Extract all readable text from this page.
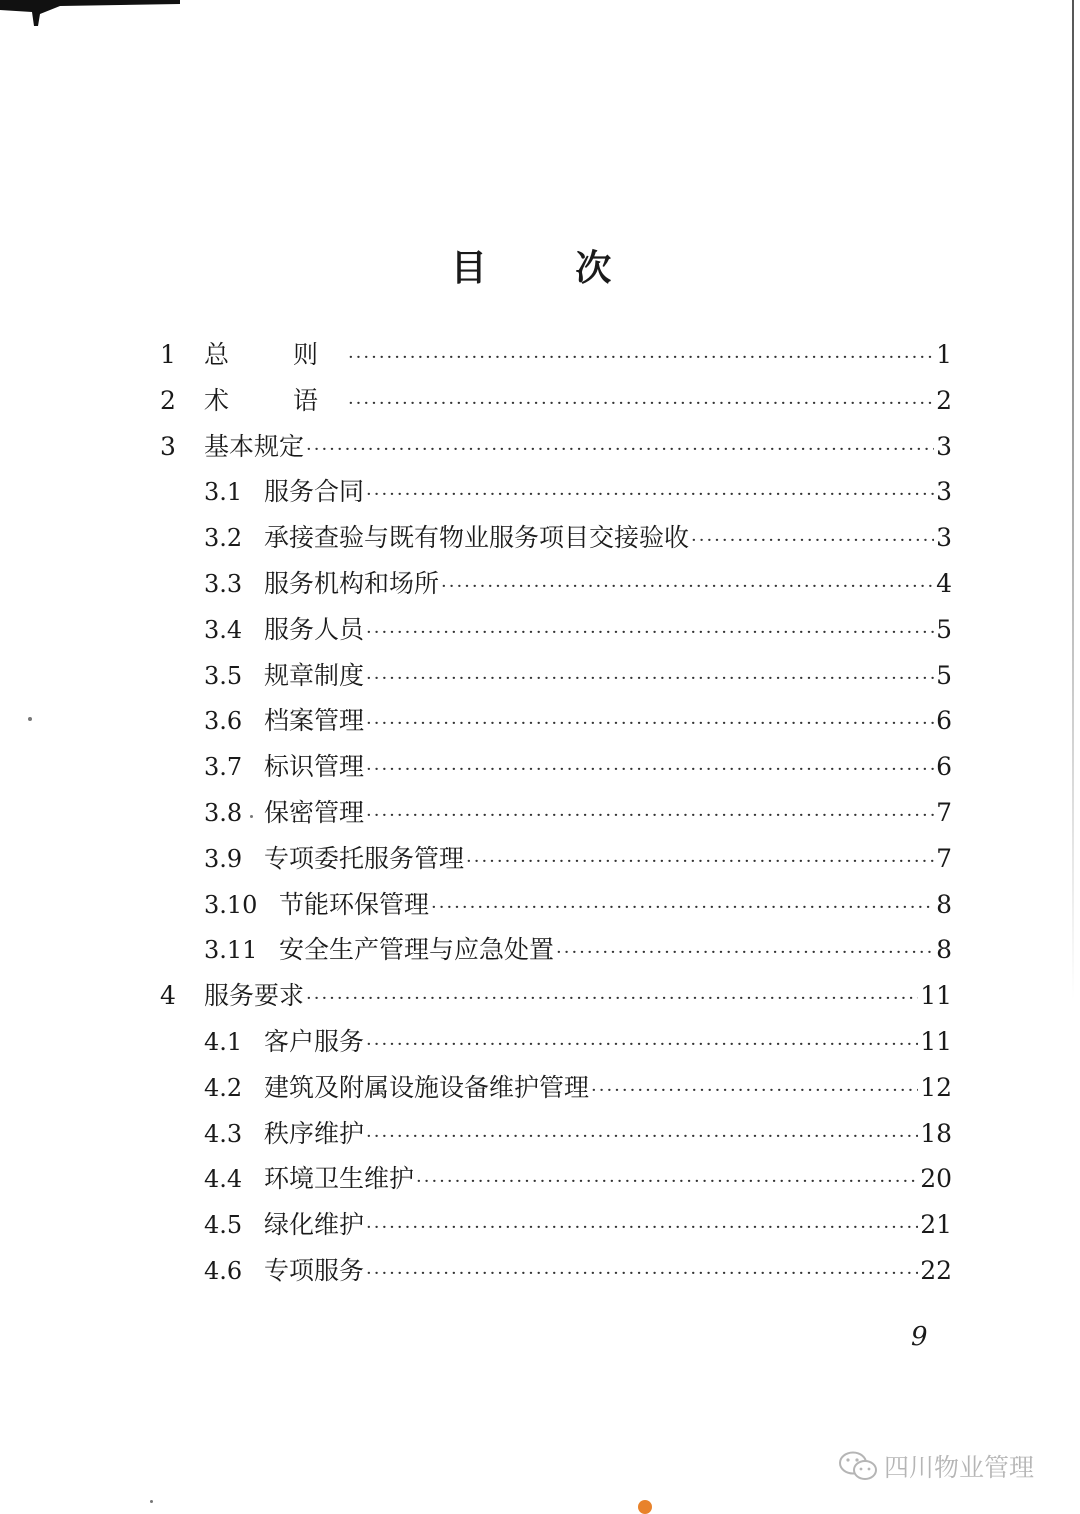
目 次
1	总 则 ·····	1
2	术 语 ·····	2
3	基本规定 ·····	3
3.1 服务合同 ·····	3
3.2 承接查验与既有物业服务项目交接验收 ·····	3
3.3 服务机构和场所 ·····	4
3.4 服务人员 ·····	5
3.5 规章制度 ·····	5
3.6 档案管理 ·····	6
3.7 标识管理 ·····	6
3.8 保密管理 ·····	7
3.9 专项委托服务管理 ·····	7
3.10 节能环保管理 ·····	8
3.11 安全生产管理与应急处置 ·····	8
4	服务要求 ·····	11
4.1 客户服务 ·····	11
4.2 建筑及附属设施设备维护管理 ·····	12
4.3 秩序维护 ·····	18
4.4 环境卫生维护 ·····	20
4.5 绿化维护 ·····	21
4.6 专项服务 ·····	22
9
四川物业管理
